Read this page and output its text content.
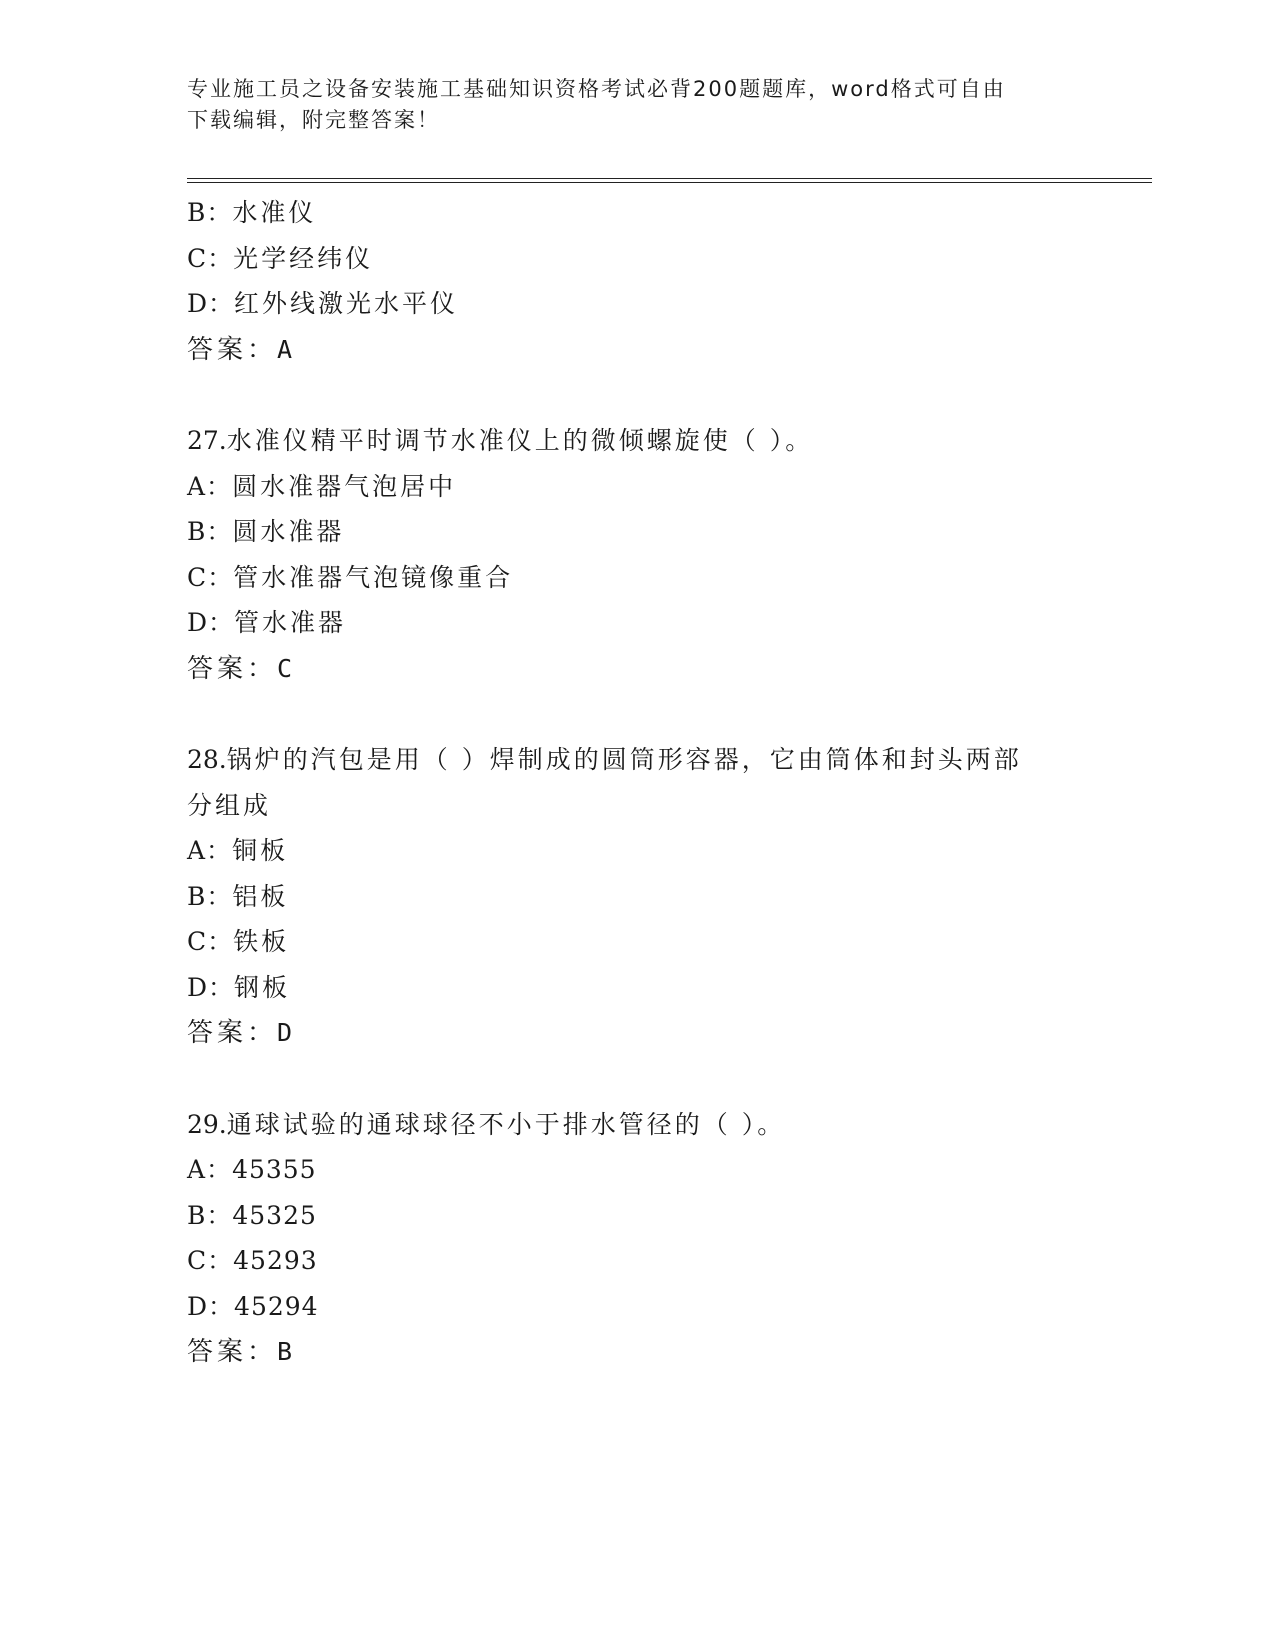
专业施工员之设备安装施工基础知识资格考试必背200题题库，word格式可自由
下载编辑，附完整答案！
B：水准仪
C：光学经纬仪
D：红外线激光水平仪
答案：A
27.水准仪精平时调节水准仪上的微倾螺旋使（ ）。
A：圆水准器气泡居中
B：圆水准器
C：管水准器气泡镜像重合
D：管水准器
答案：C
28.锅炉的汽包是用（ ）焊制成的圆筒形容器，它由筒体和封头两部
分组成
A：铜板
B：铝板
C：铁板
D：钢板
答案：D
29.通球试验的通球球径不小于排水管径的（ ）。
A：45355
B：45325
C：45293
D：45294
答案：B
